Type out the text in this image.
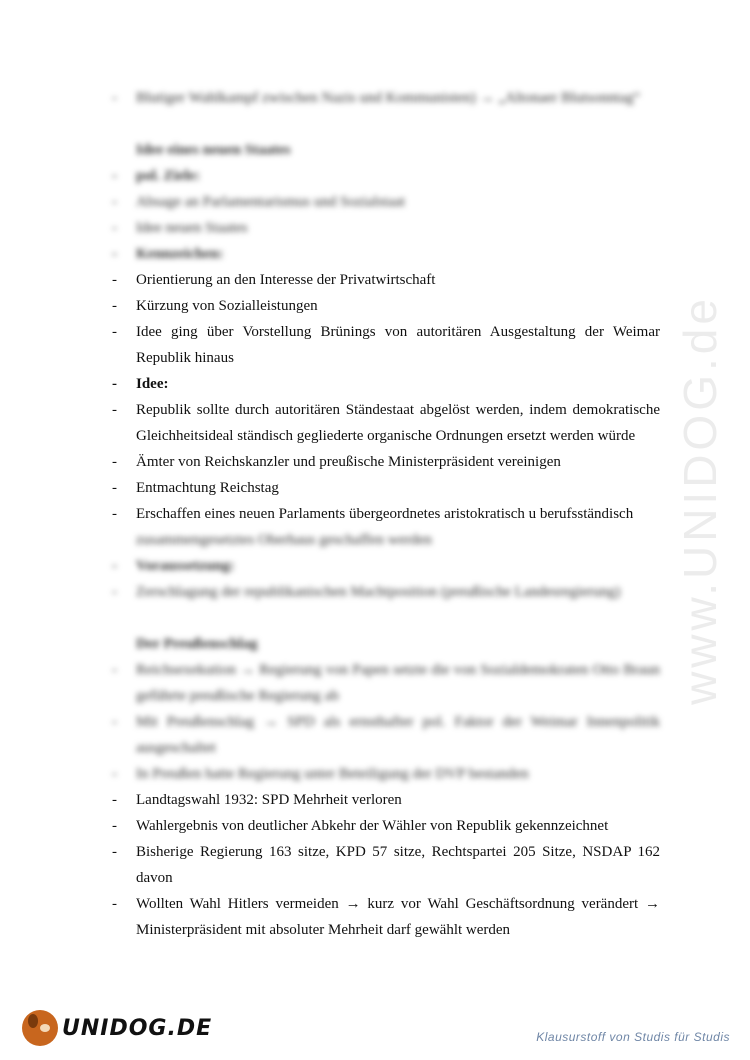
- Blutiger Wahlkampf zwischen Nazis und Kommunisten) → „Altonaer Blutsonntag“
Idee eines neuen Staates
- pol. Ziele:
- Absage an Parlamentarismus und Sozialstaat
- Idee neuen Staates
- Kennzeichen:
- Orientierung an den Interesse der Privatwirtschaft
- Kürzung von Sozialleistungen
- Idee ging über Vorstellung Brünings von autoritären Ausgestaltung der Weimar Republik hinaus
- Idee:
- Republik sollte durch autoritären Ständestaat abgelöst werden, indem demokratische Gleichheitsideal ständisch gegliederte organische Ordnungen ersetzt werden würde
- Ämter von Reichskanzler und preußische Ministerpräsident vereinigen
- Entmachtung Reichstag
- Erschaffen eines neuen Parlaments übergeordnetes aristokratisch u berufsständisch
zusammengesetztes Oberhaus geschaffen werden
- Voraussetzung:
- Zerschlagung der republikanischen Machtposition (preußische Landesregierung)
Der Preußenschlag
- Reichsexekution → Regierung von Papen setzte die von Sozialdemokraten Otto Braun geführte preußische Regierung ab
- Mit Preußenschlag → SPD als ernsthafter pol. Faktor der Weimar Innenpolitik ausgeschaltet
- In Preußen hatte Regierung unter Beteiligung der DVP bestanden
- Landtagswahl 1932: SPD Mehrheit verloren
- Wahlergebnis von deutlicher Abkehr der Wähler von Republik gekennzeichnet
- Bisherige Regierung 163 sitze, KPD 57 sitze, Rechtspartei 205 Sitze, NSDAP 162 davon
- Wollten Wahl Hitlers vermeiden → kurz vor Wahl Geschäftsordnung verändert → Ministerpräsident mit absoluter Mehrheit darf gewählt werden
www.UNIDOG.de
UNIDOG.DE	Klausurstoff von Studis für Studis
